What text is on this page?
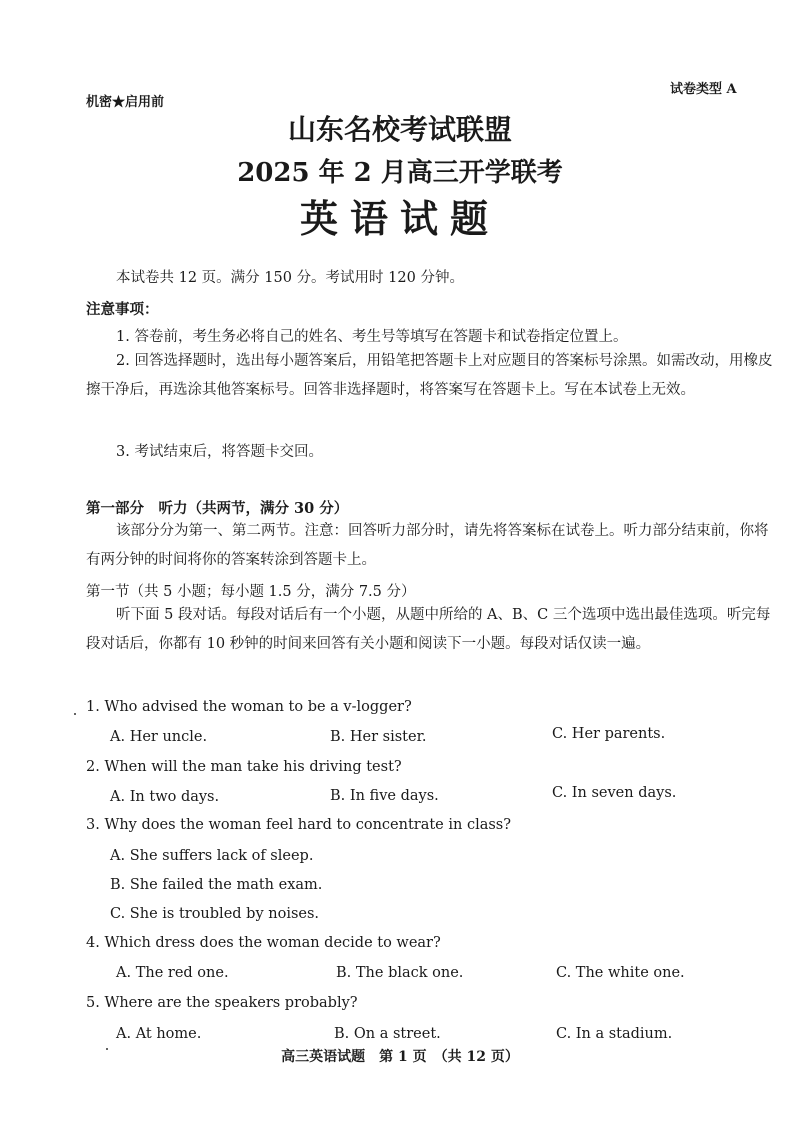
机密★启用前
试卷类型 A
山东名校考试联盟
2025 年 2 月高三开学联考
英语试题
本试卷共 12 页。满分 150 分。考试用时 120 分钟。
注意事项：
1. 答卷前，考生务必将自己的姓名、考生号等填写在答题卡和试卷指定位置上。
2. 回答选择题时，选出每小题答案后，用铅笔把答题卡上对应题目的答案标号涂黑。如需改动，用橡皮擦干净后，再选涂其他答案标号。回答非选择题时，将答案写在答题卡上。写在本试卷上无效。
3. 考试结束后，将答题卡交回。
第一部分　听力（共两节，满分 30 分）
该部分分为第一、第二两节。注意：回答听力部分时，请先将答案标在试卷上。听力部分结束前，你将有两分钟的时间将你的答案转涂到答题卡上。
第一节（共 5 小题；每小题 1.5 分，满分 7.5 分）
听下面 5 段对话。每段对话后有一个小题，从题中所给的 A、B、C 三个选项中选出最佳选项。听完每段对话后，你都有 10 秒钟的时间来回答有关小题和阅读下一小题。每段对话仅读一遍。
1. Who advised the woman to be a v-logger?
A. Her uncle.	B. Her sister.	C. Her parents.
2. When will the man take his driving test?
A. In two days.	B. In five days.	C. In seven days.
3. Why does the woman feel hard to concentrate in class?
A. She suffers lack of sleep.
B. She failed the math exam.
C. She is troubled by noises.
4. Which dress does the woman decide to wear?
A. The red one.	B. The black one.	C. The white one.
5. Where are the speakers probably?
A. At home.	B. On a street.	C. In a stadium.
高三英语试题　第 1 页　（共 12 页）
